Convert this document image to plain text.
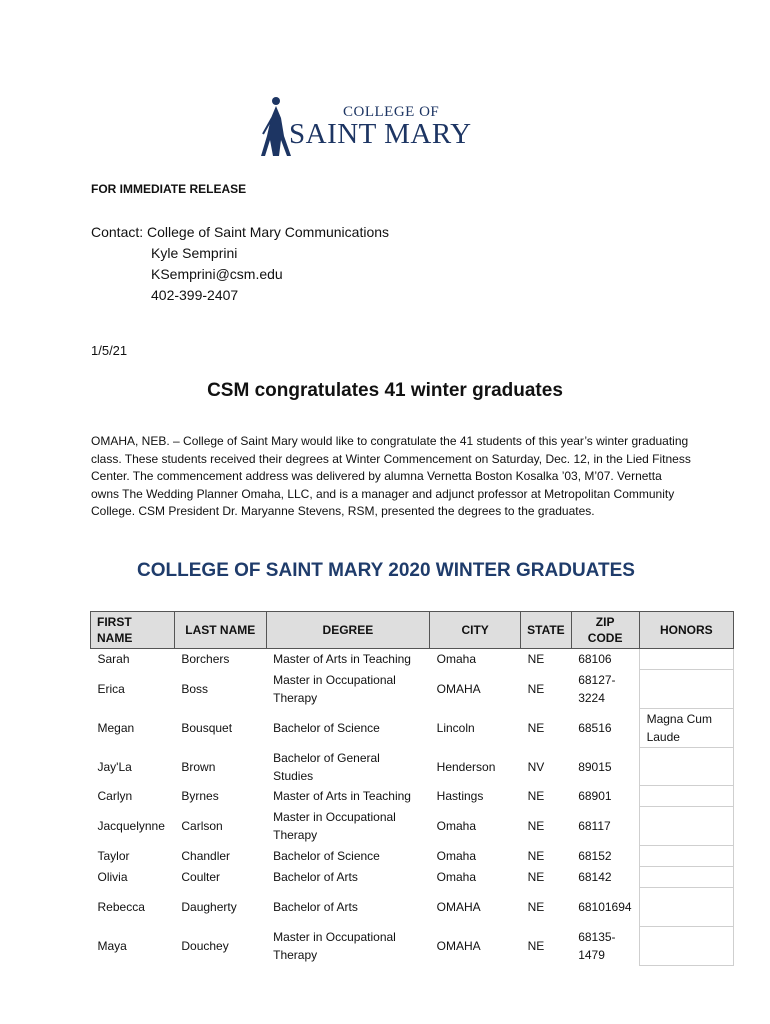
COLLEGE OF
SAINT MARY
FOR IMMEDIATE RELEASE
Contact: College of Saint Mary Communications
Kyle Semprini
KSemprini@csm.edu
402-399-2407
1/5/21
CSM congratulates 41 winter graduates
OMAHA, NEB. – College of Saint Mary would like to congratulate the 41 students of this year’s winter graduating class. These students received their degrees at Winter Commencement on Saturday, Dec. 12, in the Lied Fitness Center. The commencement address was delivered by alumna Vernetta Boston Kosalka ’03, M’07. Vernetta owns The Wedding Planner Omaha, LLC, and is a manager and adjunct professor at Metropolitan Community College. CSM President Dr. Maryanne Stevens, RSM, presented the degrees to the graduates.
COLLEGE OF SAINT MARY 2020 WINTER GRADUATES
FIRST NAME	LAST NAME	DEGREE	CITY	STATE	ZIP CODE	HONORS
Sarah	Borchers	Master of Arts in Teaching	Omaha	NE	68106	
Erica	Boss	Master in Occupational Therapy	OMAHA	NE	68127-3224	
Megan	Bousquet	Bachelor of Science	Lincoln	NE	68516	Magna Cum Laude
Jay'La	Brown	Bachelor of General Studies	Henderson	NV	89015	
Carlyn	Byrnes	Master of Arts in Teaching	Hastings	NE	68901	
Jacquelynne	Carlson	Master in Occupational Therapy	Omaha	NE	68117	
Taylor	Chandler	Bachelor of Science	Omaha	NE	68152	
Olivia	Coulter	Bachelor of Arts	Omaha	NE	68142	
Rebecca	Daugherty	Bachelor of Arts	OMAHA	NE	68101694	
Maya	Douchey	Master in Occupational Therapy	OMAHA	NE	68135-1479	
